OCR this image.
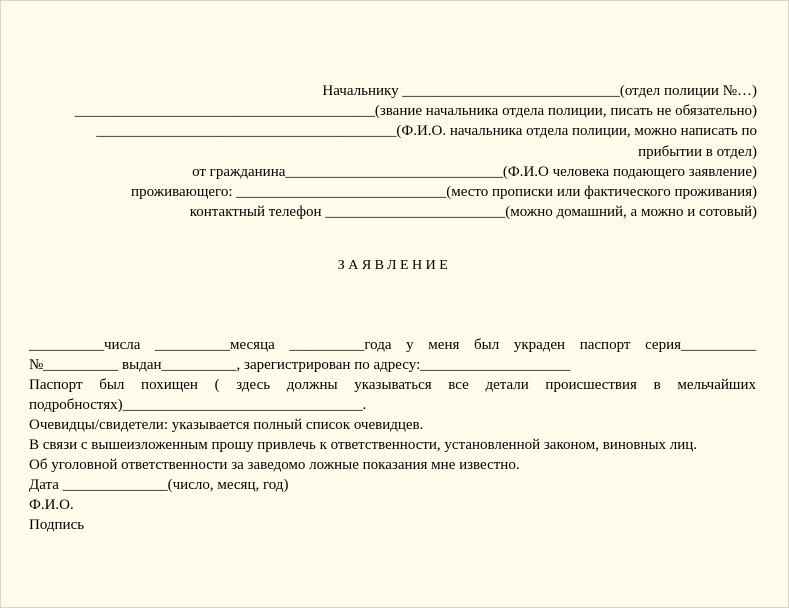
Начальнику _____________________________(отдел полиции №…)
________________________________________(звание начальника отдела полиции, писать не обязательно)
________________________________________(Ф.И.О. начальника отдела полиции, можно написать по
прибытии в отдел)
от гражданина_____________________________(Ф.И.О человека подающего заявление)
проживающего: ____________________________(место прописки или фактического проживания)
контактный телефон ________________________(можно домашний, а можно и сотовый)
ЗАЯВЛЕНИЕ
__________числа __________месяца __________года у меня был украден паспорт серия__________
№__________ выдан__________, зарегистрирован по адресу:____________________
Паспорт был похищен ( здесь должны указываться все детали происшествия в мельчайших
подробностях)________________________________.
Очевидцы/свидетели: указывается полный список очевидцев.
В связи с вышеизложенным прошу привлечь к ответственности, установленной законом, виновных лиц.
Об уголовной ответственности за заведомо ложные показания мне известно.
Дата ______________(число, месяц, год)
Ф.И.О.
Подпись
